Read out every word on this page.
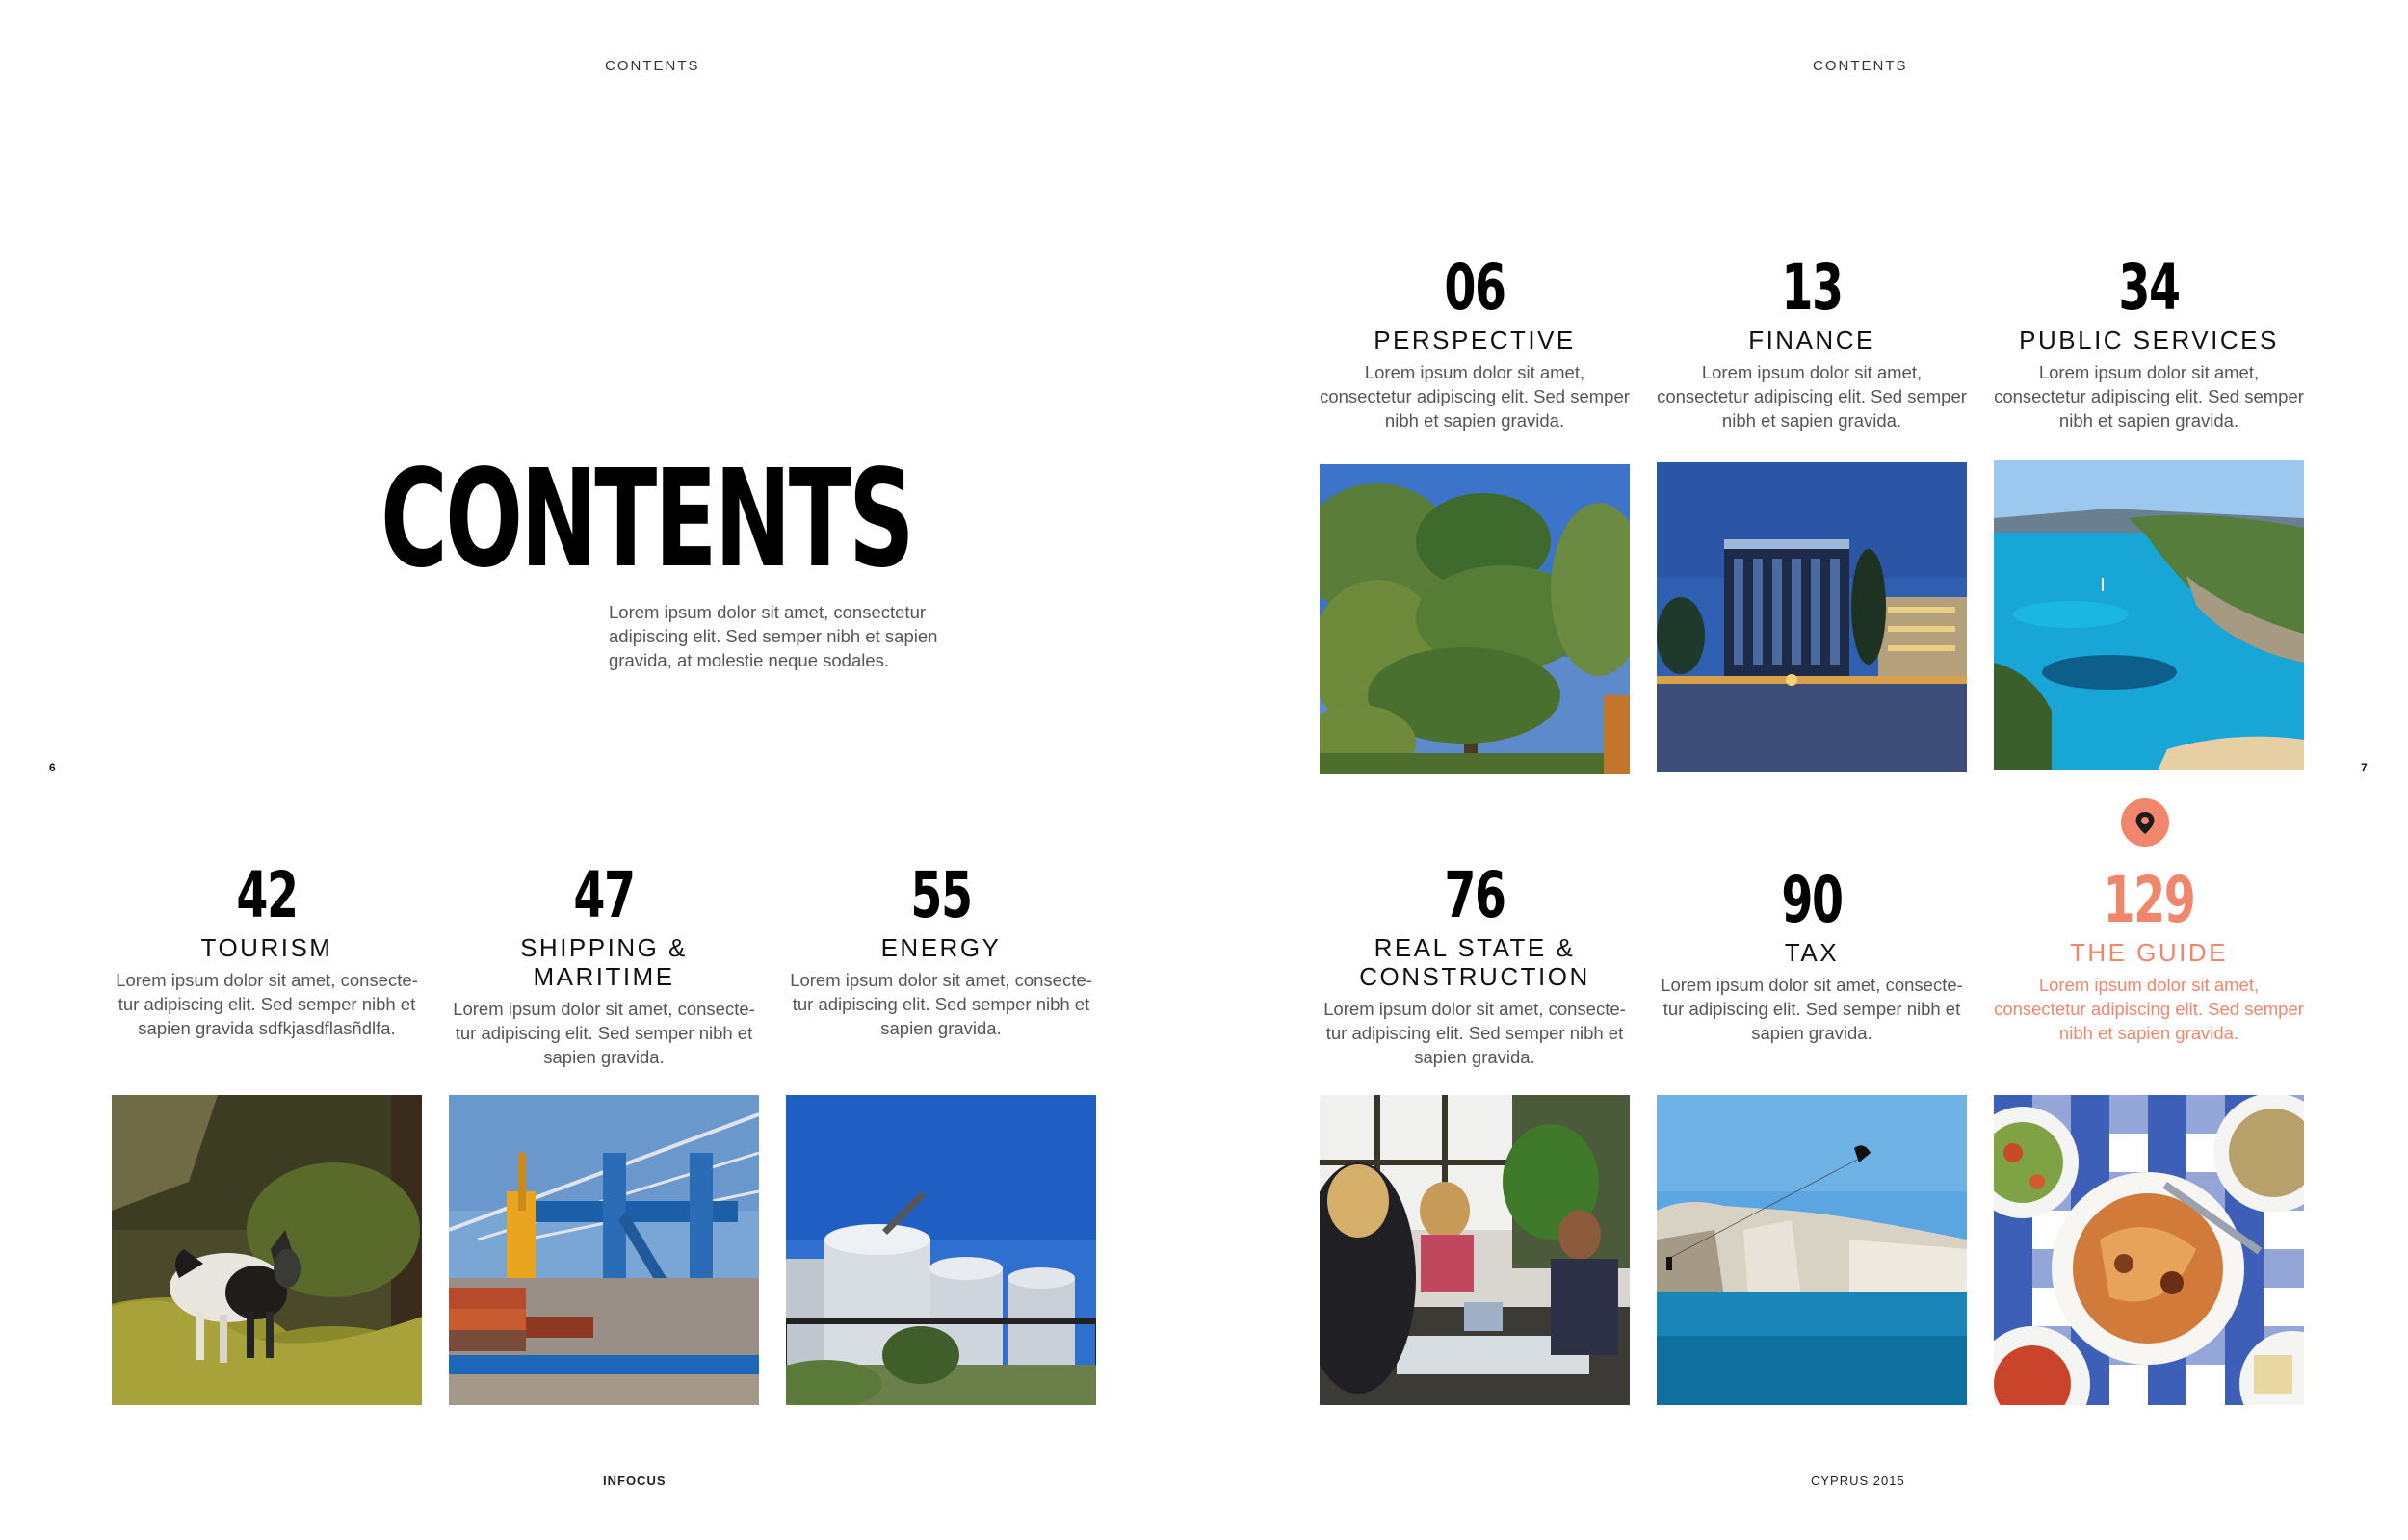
CONTENTS	CONTENTS
6	7
CONTENTS
Lorem ipsum dolor sit amet, consectetur adipiscing elit. Sed semper nibh et sapien gravida, at molestie neque sodales.
42
TOURISM
Lorem ipsum dolor sit amet, consecte-tur adipiscing elit. Sed semper nibh et sapien gravida sdfkjasdflasñdlfa.
47
SHIPPING & MARITIME
Lorem ipsum dolor sit amet, consecte-tur adipiscing elit. Sed semper nibh et sapien gravida.
55
ENERGY
Lorem ipsum dolor sit amet, consecte-tur adipiscing elit. Sed semper nibh et sapien gravida.
06
PERSPECTIVE
Lorem ipsum dolor sit amet, consectetur adipiscing elit. Sed semper nibh et sapien gravida.
13
FINANCE
Lorem ipsum dolor sit amet, consectetur adipiscing elit. Sed semper nibh et sapien gravida.
34
PUBLIC SERVICES
Lorem ipsum dolor sit amet, consectetur adipiscing elit. Sed semper nibh et sapien gravida.
76
REAL STATE & CONSTRUCTION
Lorem ipsum dolor sit amet, consecte-tur adipiscing elit. Sed semper nibh et sapien gravida.
90
TAX
Lorem ipsum dolor sit amet, consecte-tur adipiscing elit. Sed semper nibh et sapien gravida.
129
THE GUIDE
Lorem ipsum dolor sit amet, consectetur adipiscing elit. Sed semper nibh et sapien gravida.
INFOCUS	CYPRUS 2015
